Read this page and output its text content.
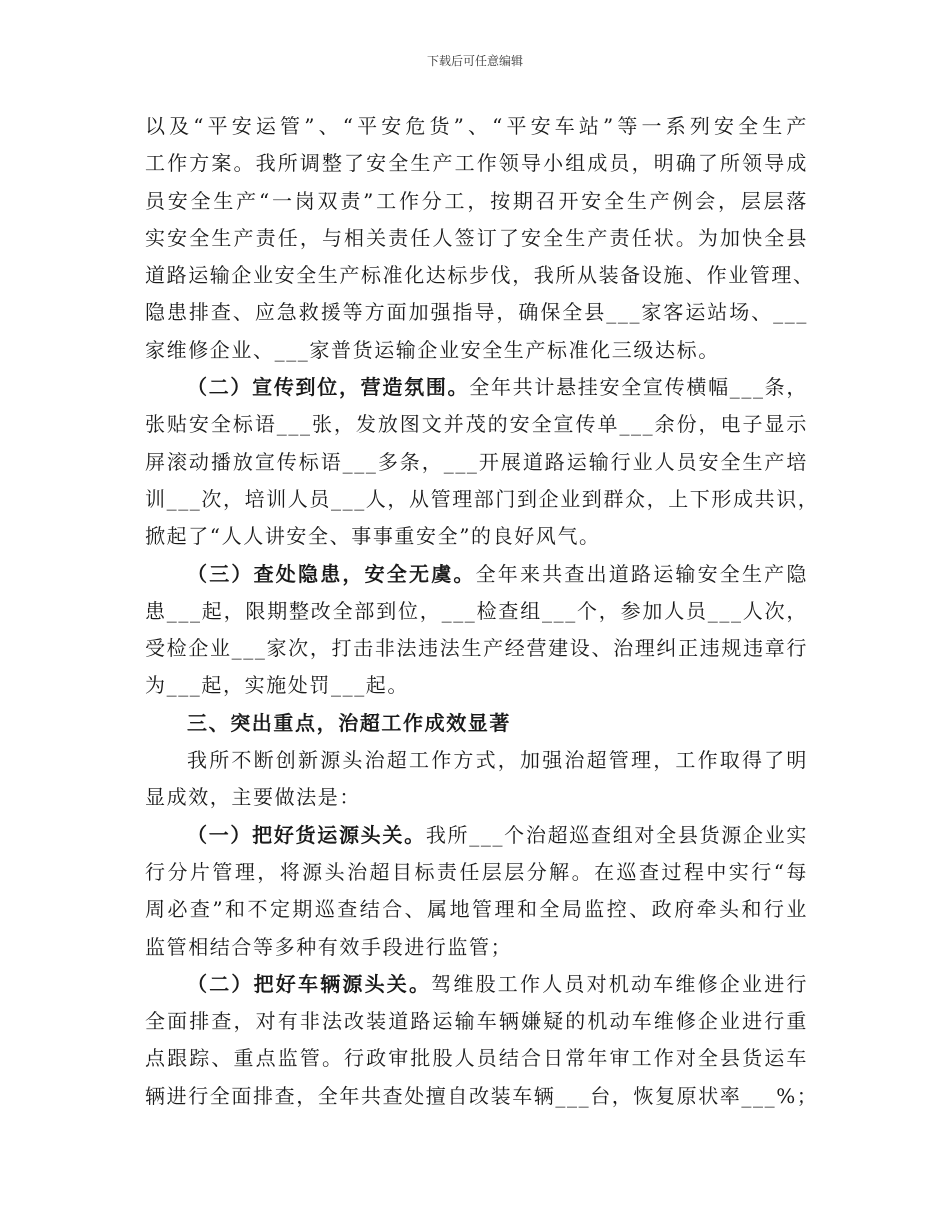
下载后可任意编辑
以及“平安运管”、“平安危货”、“平安车站”等一系列安全生产
工作方案。我所调整了安全生产工作领导小组成员，明确了所领导成
员安全生产“一岗双责”工作分工，按期召开安全生产例会，层层落
实安全生产责任，与相关责任人签订了安全生产责任状。为加快全县
道路运输企业安全生产标准化达标步伐，我所从装备设施、作业管理、
隐患排查、应急救援等方面加强指导，确保全县___家客运站场、___
家维修企业、___家普货运输企业安全生产标准化三级达标。
（二）宣传到位，营造氛围。全年共计悬挂安全宣传横幅___条，
张贴安全标语___张，发放图文并茂的安全宣传单___余份，电子显示
屏滚动播放宣传标语___多条，___开展道路运输行业人员安全生产培
训___次，培训人员___人，从管理部门到企业到群众，上下形成共识，
掀起了“人人讲安全、事事重安全”的良好风气。
（三）查处隐患，安全无虞。全年来共查出道路运输安全生产隐
患___起，限期整改全部到位，___检查组___个，参加人员___人次，
受检企业___家次，打击非法违法生产经营建设、治理纠正违规违章行
为___起，实施处罚___起。
三、突出重点，治超工作成效显著
我所不断创新源头治超工作方式，加强治超管理，工作取得了明
显成效，主要做法是：
（一）把好货运源头关。我所___个治超巡查组对全县货源企业实
行分片管理，将源头治超目标责任层层分解。在巡查过程中实行“每
周必查”和不定期巡查结合、属地管理和全局监控、政府牵头和行业
监管相结合等多种有效手段进行监管；
（二）把好车辆源头关。驾维股工作人员对机动车维修企业进行
全面排查，对有非法改装道路运输车辆嫌疑的机动车维修企业进行重
点跟踪、重点监管。行政审批股人员结合日常年审工作对全县货运车
辆进行全面排查，全年共查处擅自改装车辆___台，恢复原状率___%；
